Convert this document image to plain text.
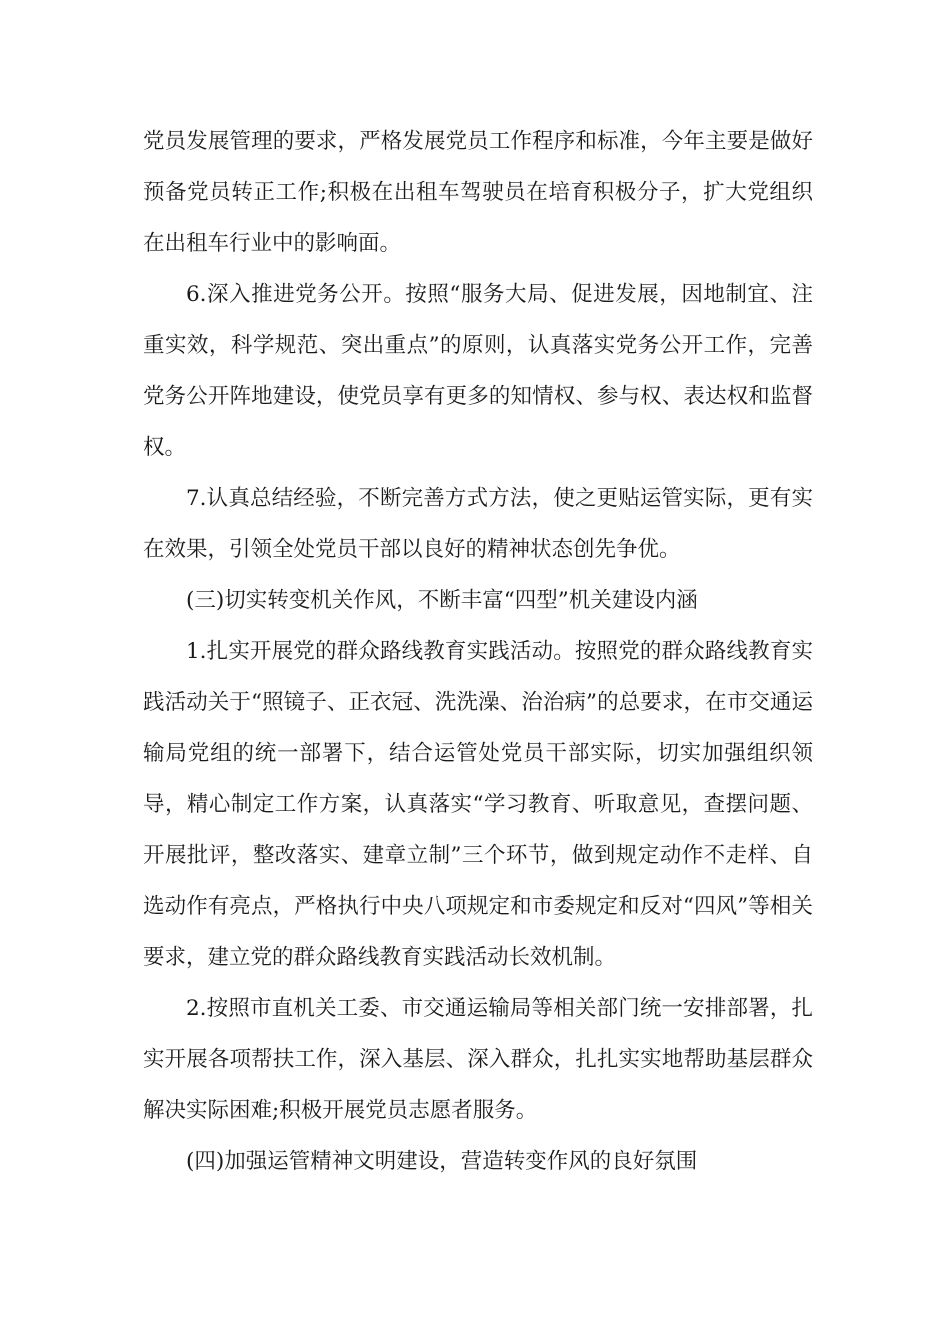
党员发展管理的要求，严格发展党员工作程序和标准，今年主要是做好预备党员转正工作;积极在出租车驾驶员在培育积极分子，扩大党组织在出租车行业中的影响面。

6.深入推进党务公开。按照“服务大局、促进发展，因地制宜、注重实效，科学规范、突出重点”的原则，认真落实党务公开工作，完善党务公开阵地建设，使党员享有更多的知情权、参与权、表达权和监督权。

7.认真总结经验，不断完善方式方法，使之更贴运管实际，更有实在效果，引领全处党员干部以良好的精神状态创先争优。

(三)切实转变机关作风，不断丰富“四型”机关建设内涵

1.扎实开展党的群众路线教育实践活动。按照党的群众路线教育实践活动关于“照镜子、正衣冠、洗洗澡、治治病”的总要求，在市交通运输局党组的统一部署下，结合运管处党员干部实际，切实加强组织领导，精心制定工作方案，认真落实“学习教育、听取意见，查摆问题、开展批评，整改落实、建章立制”三个环节，做到规定动作不走样、自选动作有亮点，严格执行中央八项规定和市委规定和反对“四风”等相关要求，建立党的群众路线教育实践活动长效机制。

2.按照市直机关工委、市交通运输局等相关部门统一安排部署，扎实开展各项帮扶工作，深入基层、深入群众，扎扎实实地帮助基层群众解决实际困难;积极开展党员志愿者服务。

(四)加强运管精神文明建设，营造转变作风的良好氛围
